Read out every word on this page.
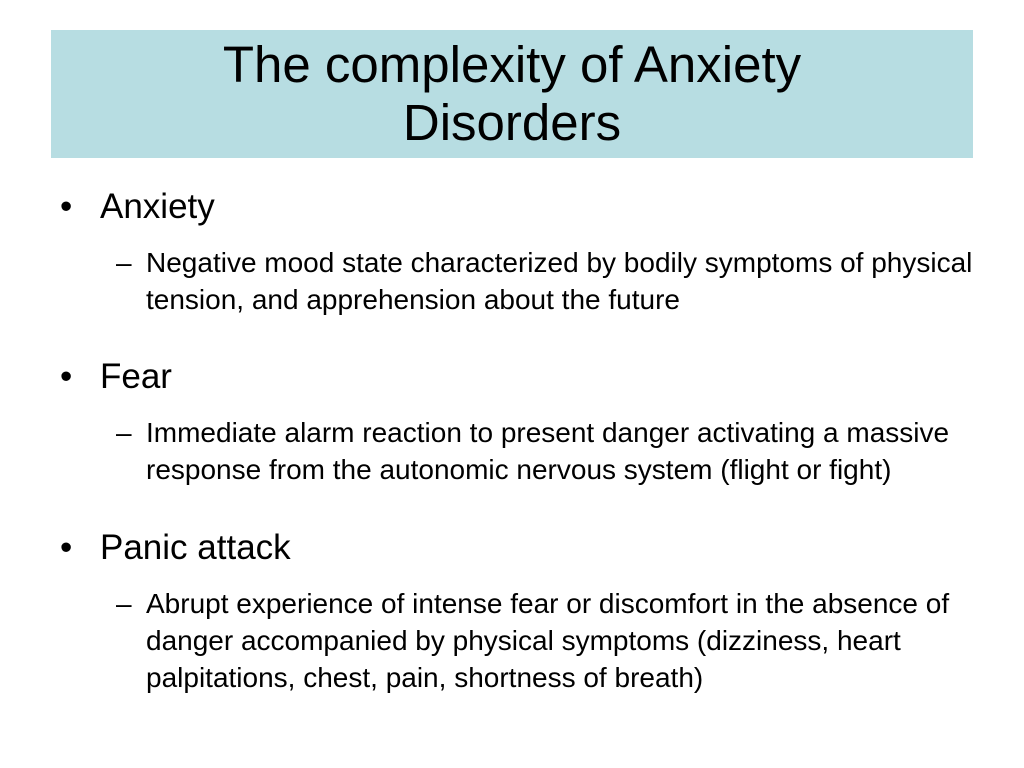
The complexity of Anxiety Disorders
• Anxiety
– Negative mood state characterized by bodily symptoms of physical tension, and apprehension about the future
• Fear
– Immediate alarm reaction to present danger activating a massive response from the autonomic nervous system (flight or fight)
• Panic attack
– Abrupt experience of intense fear or discomfort in the absence of danger accompanied by physical symptoms (dizziness, heart palpitations, chest, pain, shortness of breath)
